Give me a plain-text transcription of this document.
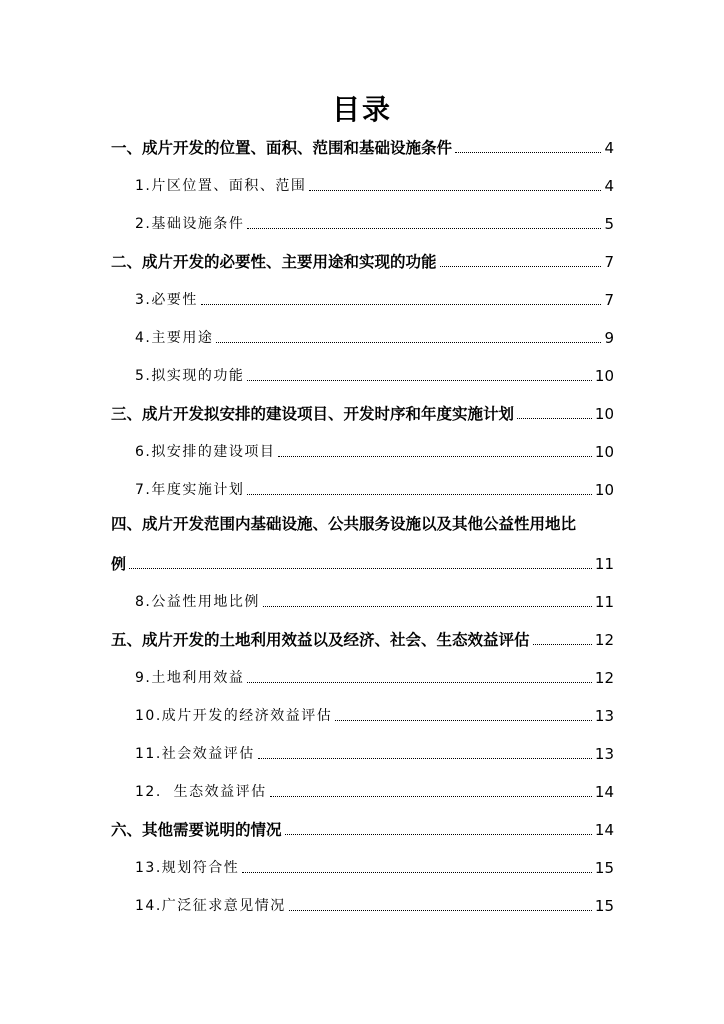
目录
一、成片开发的位置、面积、范围和基础设施条件	4
1.片区位置、面积、范围	4
2.基础设施条件	5
二、成片开发的必要性、主要用途和实现的功能	7
3.必要性	7
4.主要用途	9
5.拟实现的功能	10
三、成片开发拟安排的建设项目、开发时序和年度实施计划	10
6.拟安排的建设项目	10
7.年度实施计划	10
四、成片开发范围内基础设施、公共服务设施以及其他公益性用地比
例	11
8.公益性用地比例	11
五、成片开发的土地利用效益以及经济、社会、生态效益评估	12
9.土地利用效益	12
10.成片开发的经济效益评估	13
11.社会效益评估	13
12.  生态效益评估	14
六、其他需要说明的情况	14
13.规划符合性	15
14.广泛征求意见情况	15
